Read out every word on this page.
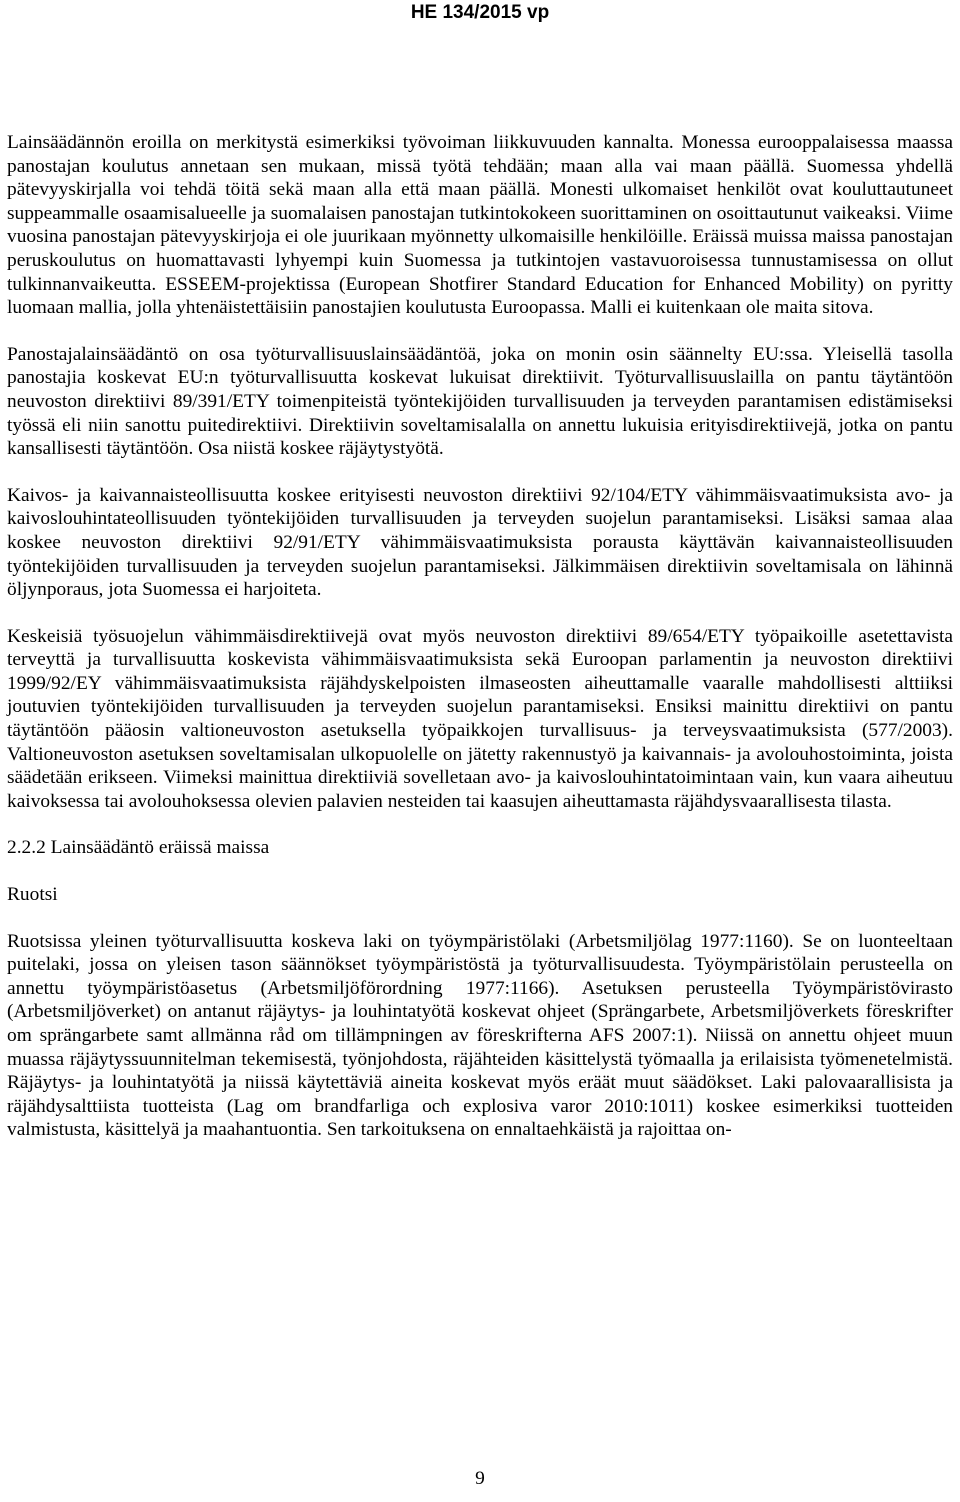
HE 134/2015 vp

Lainsäädännön eroilla on merkitystä esimerkiksi työvoiman liikkuvuuden kannalta. Monessa eurooppalaisessa maassa panostajan koulutus annetaan sen mukaan, missä työtä tehdään; maan alla vai maan päällä. Suomessa yhdellä pätevyyskirjalla voi tehdä töitä sekä maan alla että maan päällä. Monesti ulkomaiset henkilöt ovat kouluttautuneet suppeammalle osaamisalueelle ja suomalaisen panostajan tutkintokokeen suorittaminen on osoittautunut vaikeaksi. Viime vuosina panostajan pätevyyskirjoja ei ole juurikaan myönnetty ulkomaisille henkilöille. Eräissä muissa maissa panostajan peruskoulutus on huomattavasti lyhyempi kuin Suomessa ja tutkintojen vastavuoroisessa tunnustamisessa on ollut tulkinnanvaikeutta. ESSEEM-projektissa (European Shotfirer Standard Education for Enhanced Mobility) on pyritty luomaan mallia, jolla yhtenäistettäisiin panostajien koulutusta Euroopassa. Malli ei kuitenkaan ole maita sitova.

Panostajalainsäädäntö on osa työturvallisuuslainsäädäntöä, joka on monin osin säännelty EU:ssa. Yleisellä tasolla panostajia koskevat EU:n työturvallisuutta koskevat lukuisat direktiivit. Työturvallisuuslailla on pantu täytäntöön neuvoston direktiivi 89/391/ETY toimenpiteistä työntekijöiden turvallisuuden ja terveyden parantamisen edistämiseksi työssä eli niin sanottu puitedirektiivi. Direktiivin soveltamisalalla on annettu lukuisia erityisdirektiivejä, jotka on pantu kansallisesti täytäntöön. Osa niistä koskee räjäytystyötä.

Kaivos- ja kaivannaisteollisuutta koskee erityisesti neuvoston direktiivi 92/104/ETY vähimmäisvaatimuksista avo- ja kaivoslouhintateollisuuden työntekijöiden turvallisuuden ja terveyden suojelun parantamiseksi. Lisäksi samaa alaa koskee neuvoston direktiivi 92/91/ETY vähimmäisvaatimuksista porausta käyttävän kaivannaisteollisuuden työntekijöiden turvallisuuden ja terveyden suojelun parantamiseksi. Jälkimmäisen direktiivin soveltamisala on lähinnä öljynporaus, jota Suomessa ei harjoiteta.

Keskeisiä työsuojelun vähimmäisdirektiivejä ovat myös neuvoston direktiivi 89/654/ETY työpaikoille asetettavista terveyttä ja turvallisuutta koskevista vähimmäisvaatimuksista sekä Euroopan parlamentin ja neuvoston direktiivi 1999/92/EY vähimmäisvaatimuksista räjähdyskelpoisten ilmaseosten aiheuttamalle vaaralle mahdollisesti alttiiksi joutuvien työntekijöiden turvallisuuden ja terveyden suojelun parantamiseksi. Ensiksi mainittu direktiivi on pantu täytäntöön pääosin valtioneuvoston asetuksella työpaikkojen turvallisuus- ja terveysvaatimuksista (577/2003). Valtioneuvoston asetuksen soveltamisalan ulkopuolelle on jätetty rakennustyö ja kaivannais- ja avolouhostoiminta, joista säädetään erikseen. Viimeksi mainittua direktiiviä sovelletaan avo- ja kaivoslouhintatoimintaan vain, kun vaara aiheutuu kaivoksessa tai avolouhoksessa olevien palavien nesteiden tai kaasujen aiheuttamasta räjähdysvaarallisesta tilasta.

2.2.2 Lainsäädäntö eräissä maissa

Ruotsi

Ruotsissa yleinen työturvallisuutta koskeva laki on työympäristölaki (Arbetsmiljölag 1977:1160). Se on luonteeltaan puitelaki, jossa on yleisen tason säännökset työympäristöstä ja työturvallisuudesta. Työympäristölain perusteella on annettu työympäristöasetus (Arbetsmiljöförordning 1977:1166). Asetuksen perusteella Työympäristövirasto (Arbetsmiljöverket) on antanut räjäytys- ja louhintatyötä koskevat ohjeet (Sprängarbete, Arbetsmiljöverkets föreskrifter om sprängarbete samt allmänna råd om tillämpningen av föreskrifterna AFS 2007:1). Niissä on annettu ohjeet muun muassa räjäytyssuunnitelman tekemisestä, työnjohdosta, räjähteiden käsittelystä työmaalla ja erilaisista työmenetelmistä. Räjäytys- ja louhintatyötä ja niissä käytettäviä aineita koskevat myös eräät muut säädökset. Laki palovaarallisista ja räjähdysalttiista tuotteista (Lag om brandfarliga och explosiva varor 2010:1011) koskee esimerkiksi tuotteiden valmistusta, käsittelyä ja maahantuontia. Sen tarkoituksena on ennaltaehkäistä ja rajoittaa on-

9
